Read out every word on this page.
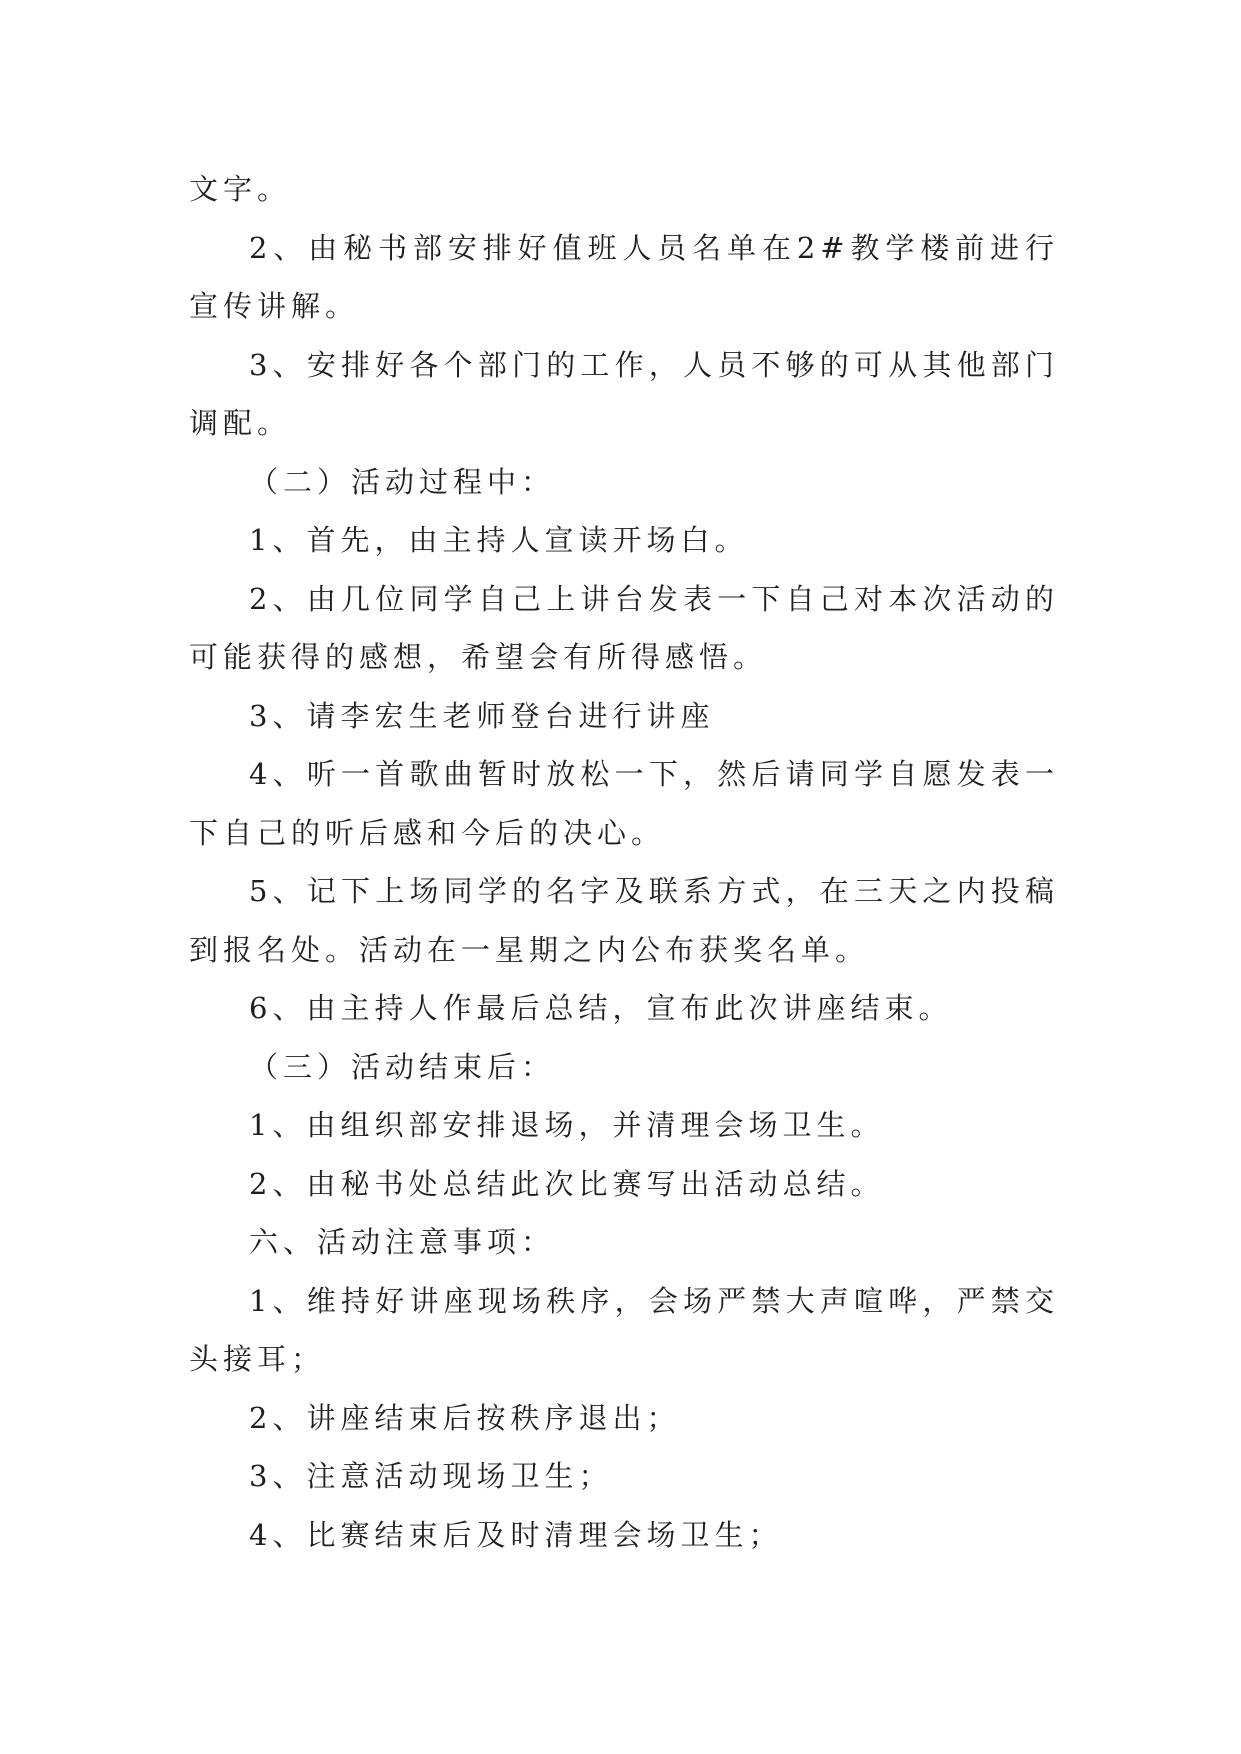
文字。

2、由秘书部安排好值班人员名单在2#教学楼前进行宣传讲解。

3、安排好各个部门的工作，人员不够的可从其他部门调配。

（二）活动过程中：

1、首先，由主持人宣读开场白。

2、由几位同学自己上讲台发表一下自己对本次活动的可能获得的感想，希望会有所得感悟。

3、请李宏生老师登台进行讲座

4、听一首歌曲暂时放松一下，然后请同学自愿发表一下自己的听后感和今后的决心。

5、记下上场同学的名字及联系方式，在三天之内投稿到报名处。活动在一星期之内公布获奖名单。

6、由主持人作最后总结，宣布此次讲座结束。

（三）活动结束后：

1、由组织部安排退场，并清理会场卫生。

2、由秘书处总结此次比赛写出活动总结。

六、活动注意事项：

1、维持好讲座现场秩序，会场严禁大声喧哗，严禁交头接耳；

2、讲座结束后按秩序退出；

3、注意活动现场卫生；

4、比赛结束后及时清理会场卫生；
